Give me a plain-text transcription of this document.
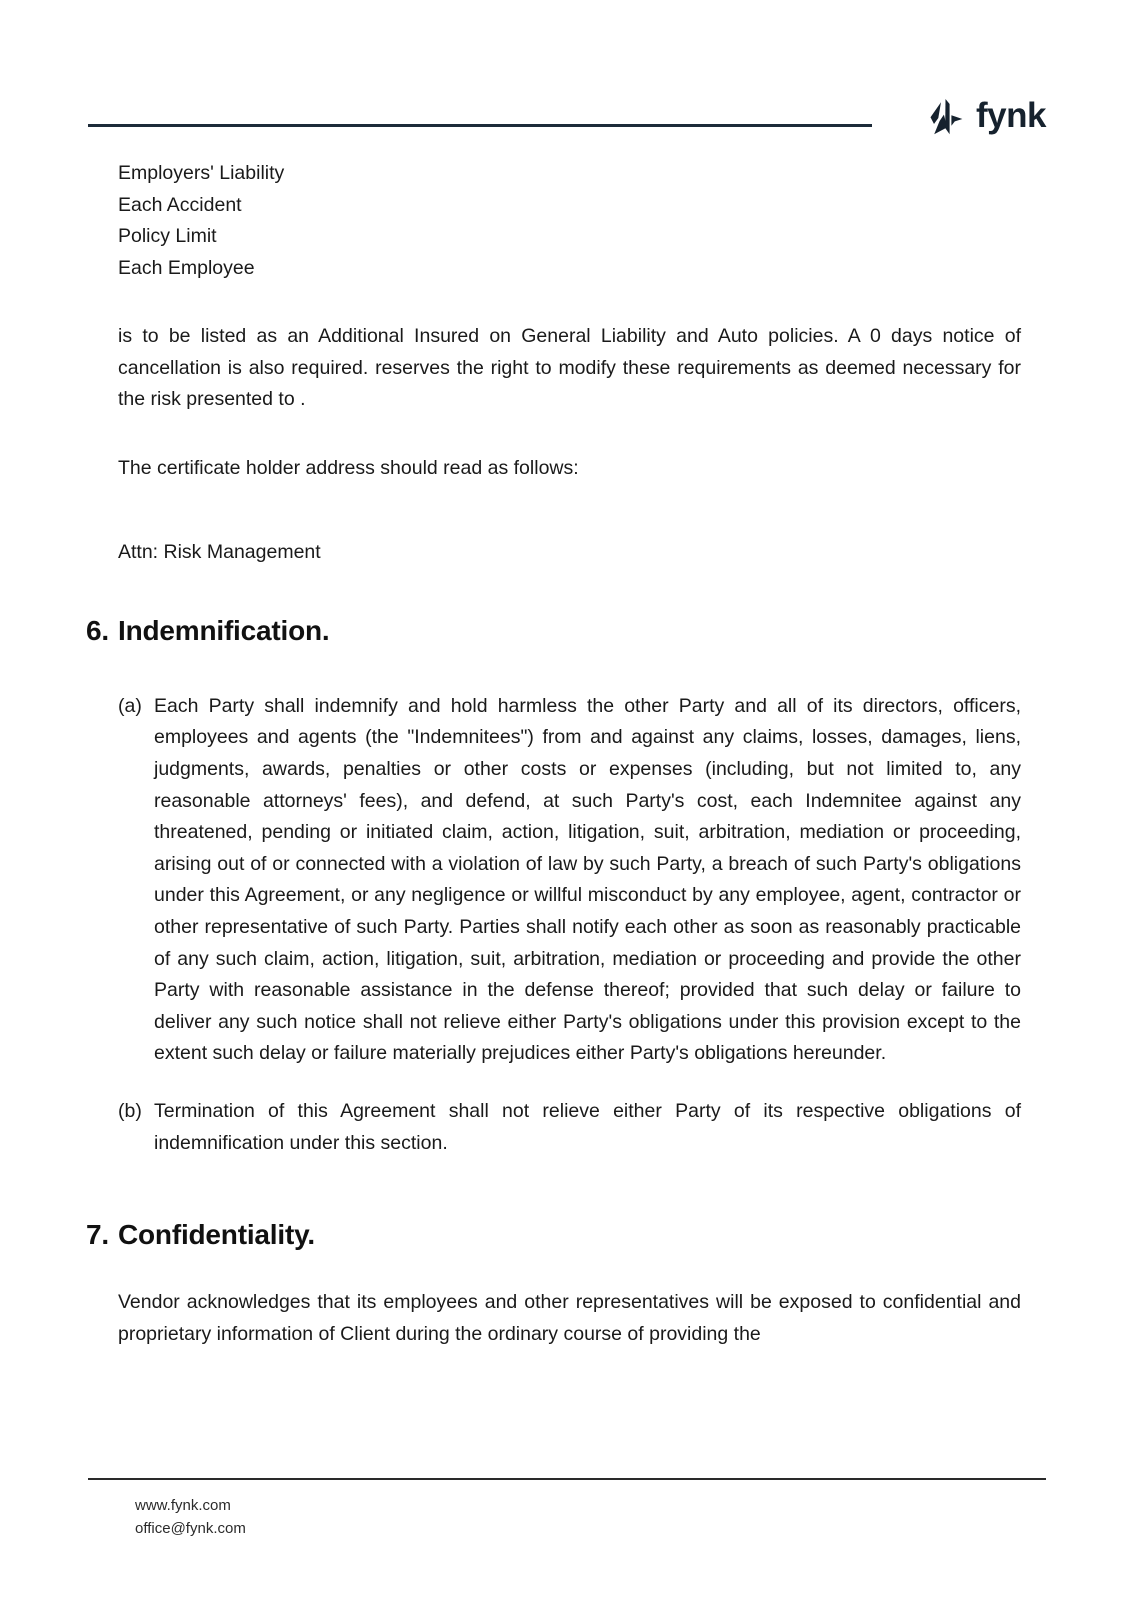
fynk
Employers' Liability
Each Accident
Policy Limit
Each Employee

is to be listed as an Additional Insured on General Liability and Auto policies. A 0 days notice of cancellation is also required. reserves the right to modify these requirements as deemed necessary for the risk presented to .

The certificate holder address should read as follows:
Attn: Risk Management
6. Indemnification.
(a) Each Party shall indemnify and hold harmless the other Party and all of its directors, officers, employees and agents (the "Indemnitees") from and against any claims, losses, damages, liens, judgments, awards, penalties or other costs or expenses (including, but not limited to, any reasonable attorneys' fees), and defend, at such Party's cost, each Indemnitee against any threatened, pending or initiated claim, action, litigation, suit, arbitration, mediation or proceeding, arising out of or connected with a violation of law by such Party, a breach of such Party's obligations under this Agreement, or any negligence or willful misconduct by any employee, agent, contractor or other representative of such Party. Parties shall notify each other as soon as reasonably practicable of any such claim, action, litigation, suit, arbitration, mediation or proceeding and provide the other Party with reasonable assistance in the defense thereof; provided that such delay or failure to deliver any such notice shall not relieve either Party's obligations under this provision except to the extent such delay or failure materially prejudices either Party's obligations hereunder.
(b) Termination of this Agreement shall not relieve either Party of its respective obligations of indemnification under this section.
7. Confidentiality.

Vendor acknowledges that its employees and other representatives will be exposed to confidential and proprietary information of Client during the ordinary course of providing the

www.fynk.com
office@fynk.com
